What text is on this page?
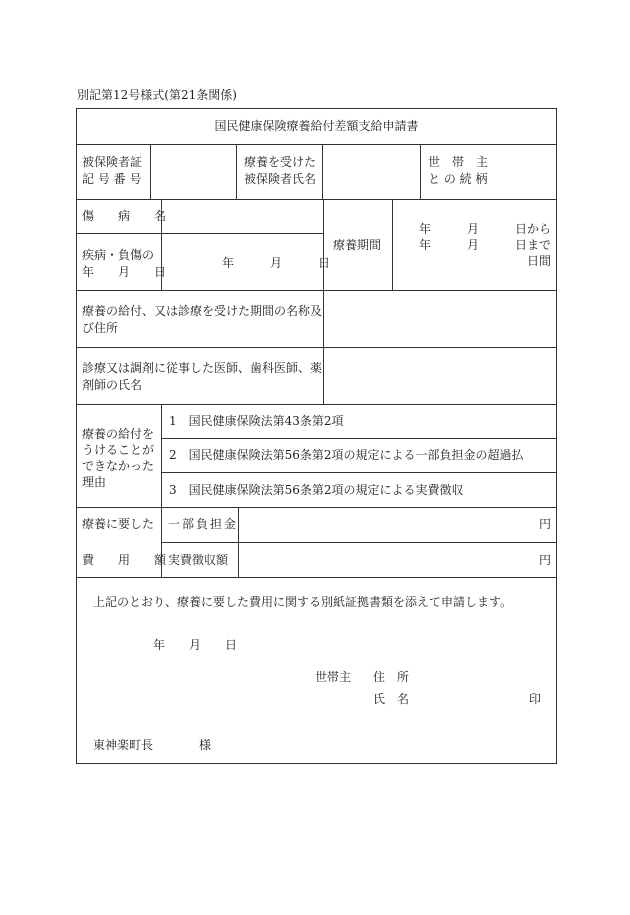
別記第12号様式(第21条関係)
国民健康保険療養給付差額支給申請書
被保険者証
記 号 番 号
療養を受けた
被保険者氏名
世　帯　主
と の 続 柄
傷　　病　　名
疾病・負傷の
年　　月　　日
年　　　月　　　日
療養期間
年　　　月　　　日から
年　　　月　　　日まで
日間
療養の給付、又は診療を受けた期間の名称及
び住所
診療又は調剤に従事した医師、歯科医師、薬
剤師の氏名
療養の給付を
うけることが
できなかった
理由
1　国民健康保険法第43条第2項
2　国民健康保険法第56条第2項の規定による一部負担金の超過払
3　国民健康保険法第56条第2項の規定による実費徴収
療養に要した
費　　用　　額
一部負担金
実費徴収額
円
円
上記のとおり、療養に要した費用に関する別紙証拠書類を添えて申請します。
年　　月　　日
世帯主 住　所
氏　名	印
東神楽町長	様
